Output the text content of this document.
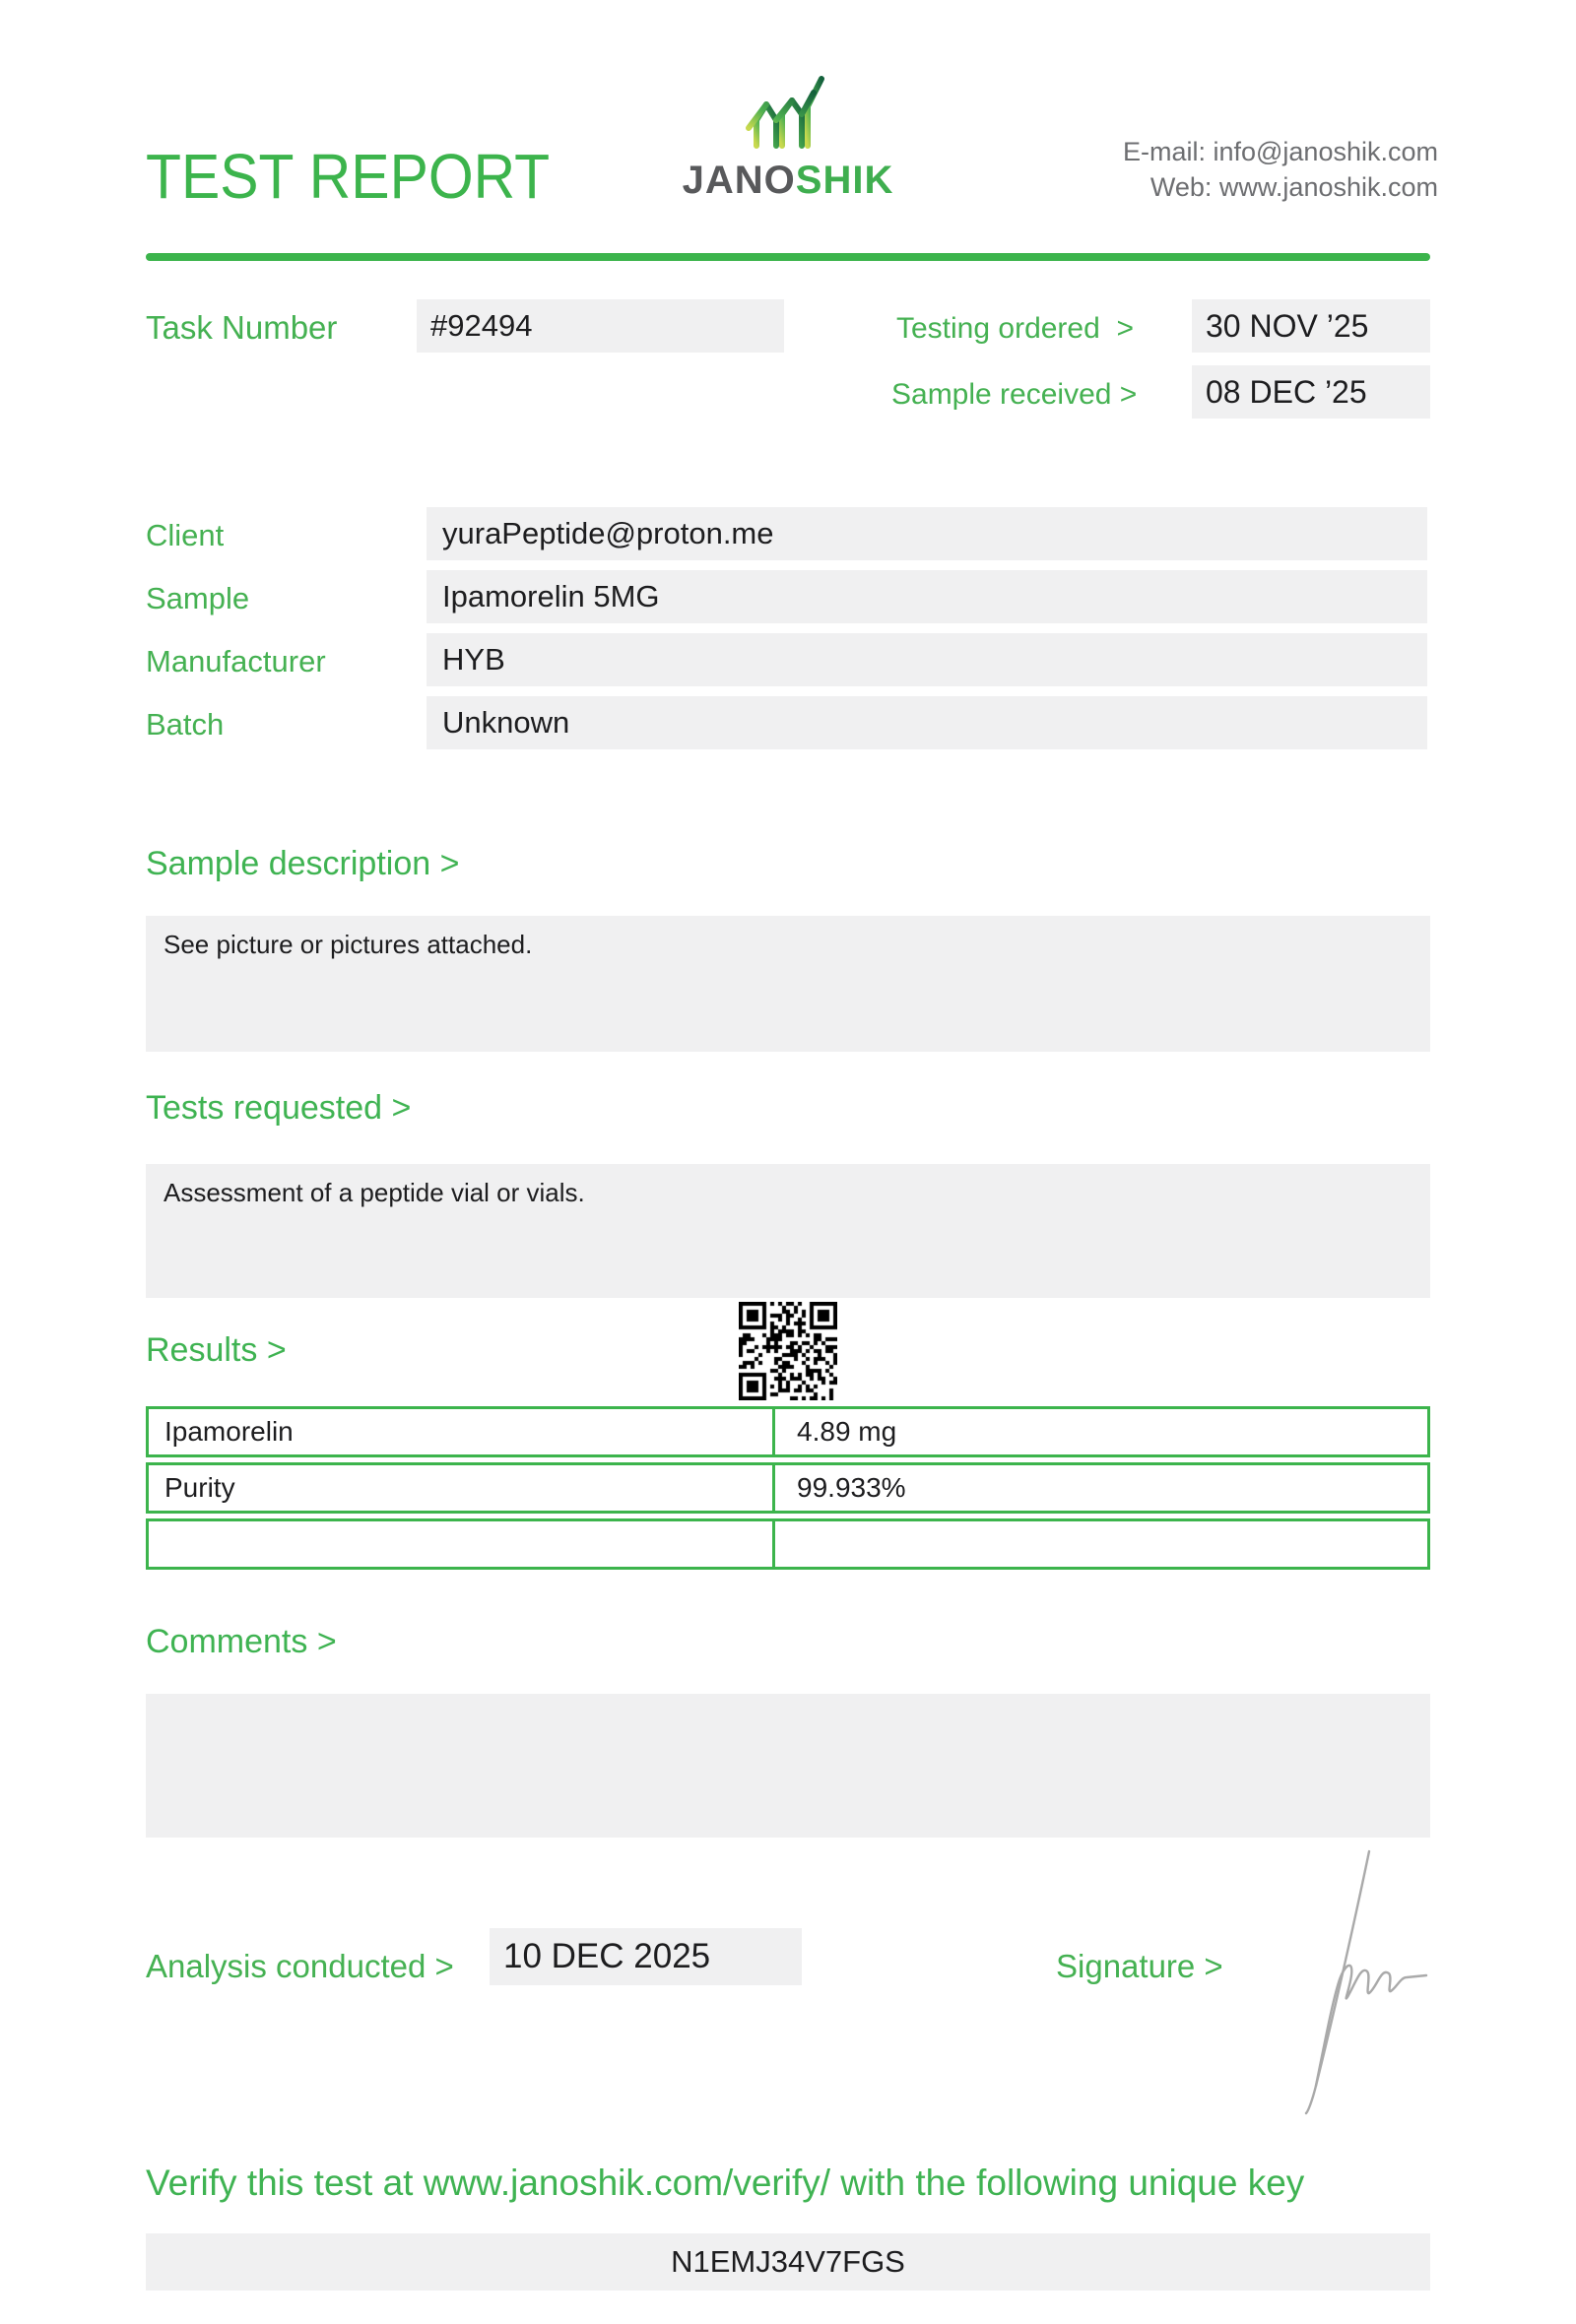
TEST REPORT	JANOSHIK
E-mail: info@janoshik.com
Web: www.janoshik.com
Task Number	#92494	Testing ordered > 30 NOV ’25
Sample received > 08 DEC ’25
Client	yuraPeptide@proton.me
Sample	Ipamorelin 5MG
Manufacturer	HYB
Batch	Unknown
Sample description >
See picture or pictures attached.
Tests requested >
Assessment of a peptide vial or vials.
Results >
Ipamorelin	4.89 mg
Purity	99.933%
Comments >
Analysis conducted > 10 DEC 2025	Signature >
Verify this test at www.janoshik.com/verify/ with the following unique key
N1EMJ34V7FGS
